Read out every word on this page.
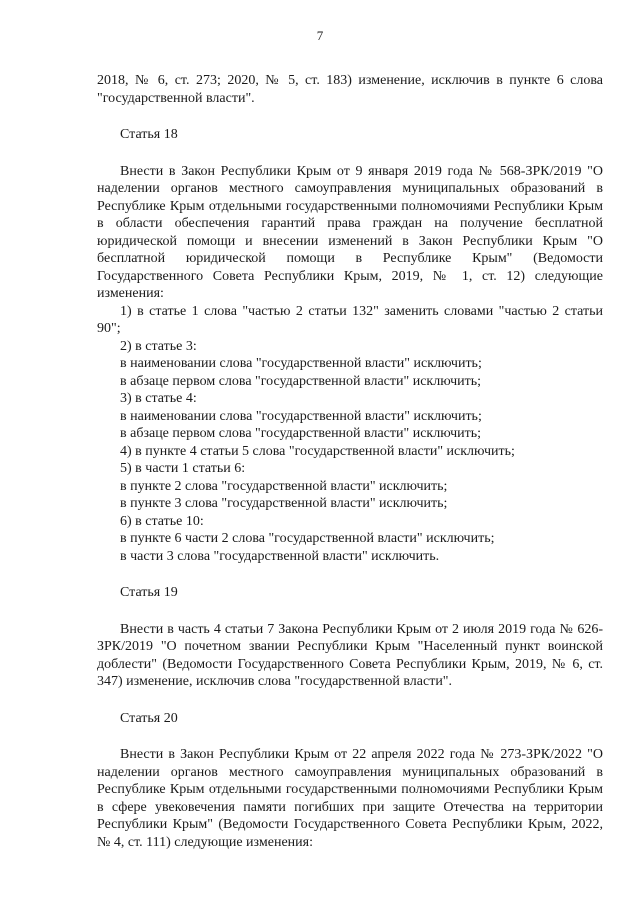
7

2018, № 6, ст. 273; 2020, № 5, ст. 183) изменение, исключив в пункте 6 слова "государственной власти".

Статья 18

Внести в Закон Республики Крым от 9 января 2019 года № 568-ЗРК/2019 "О наделении органов местного самоуправления муниципальных образований в Республике Крым отдельными государственными полномочиями Республики Крым в области обеспечения гарантий права граждан на получение бесплатной юридической помощи и внесении изменений в Закон Республики Крым "О бесплатной юридической помощи в Республике Крым" (Ведомости Государственного Совета Республики Крым, 2019, № 1, ст. 12) следующие изменения:

1) в статье 1 слова "частью 2 статьи 132" заменить словами "частью 2 статьи 90";

2) в статье 3:

в наименовании слова "государственной власти" исключить;

в абзаце первом слова "государственной власти" исключить;

3) в статье 4:

в наименовании слова "государственной власти" исключить;

в абзаце первом слова "государственной власти" исключить;

4) в пункте 4 статьи 5 слова "государственной власти" исключить;

5) в части 1 статьи 6:

в пункте 2 слова "государственной власти" исключить;

в пункте 3 слова "государственной власти" исключить;

6) в статье 10:

в пункте 6 части 2 слова "государственной власти" исключить;

в части 3 слова "государственной власти" исключить.

Статья 19

Внести в часть 4 статьи 7 Закона Республики Крым от 2 июля 2019 года № 626-ЗРК/2019 "О почетном звании Республики Крым "Населенный пункт воинской доблести" (Ведомости Государственного Совета Республики Крым, 2019, № 6, ст. 347) изменение, исключив слова "государственной власти".

Статья 20

Внести в Закон Республики Крым от 22 апреля 2022 года № 273-ЗРК/2022 "О наделении органов местного самоуправления муниципальных образований в Республике Крым отдельными государственными полномочиями Республики Крым в сфере увековечения памяти погибших при защите Отечества на территории Республики Крым" (Ведомости Государственного Совета Республики Крым, 2022, № 4, ст. 111) следующие изменения:
